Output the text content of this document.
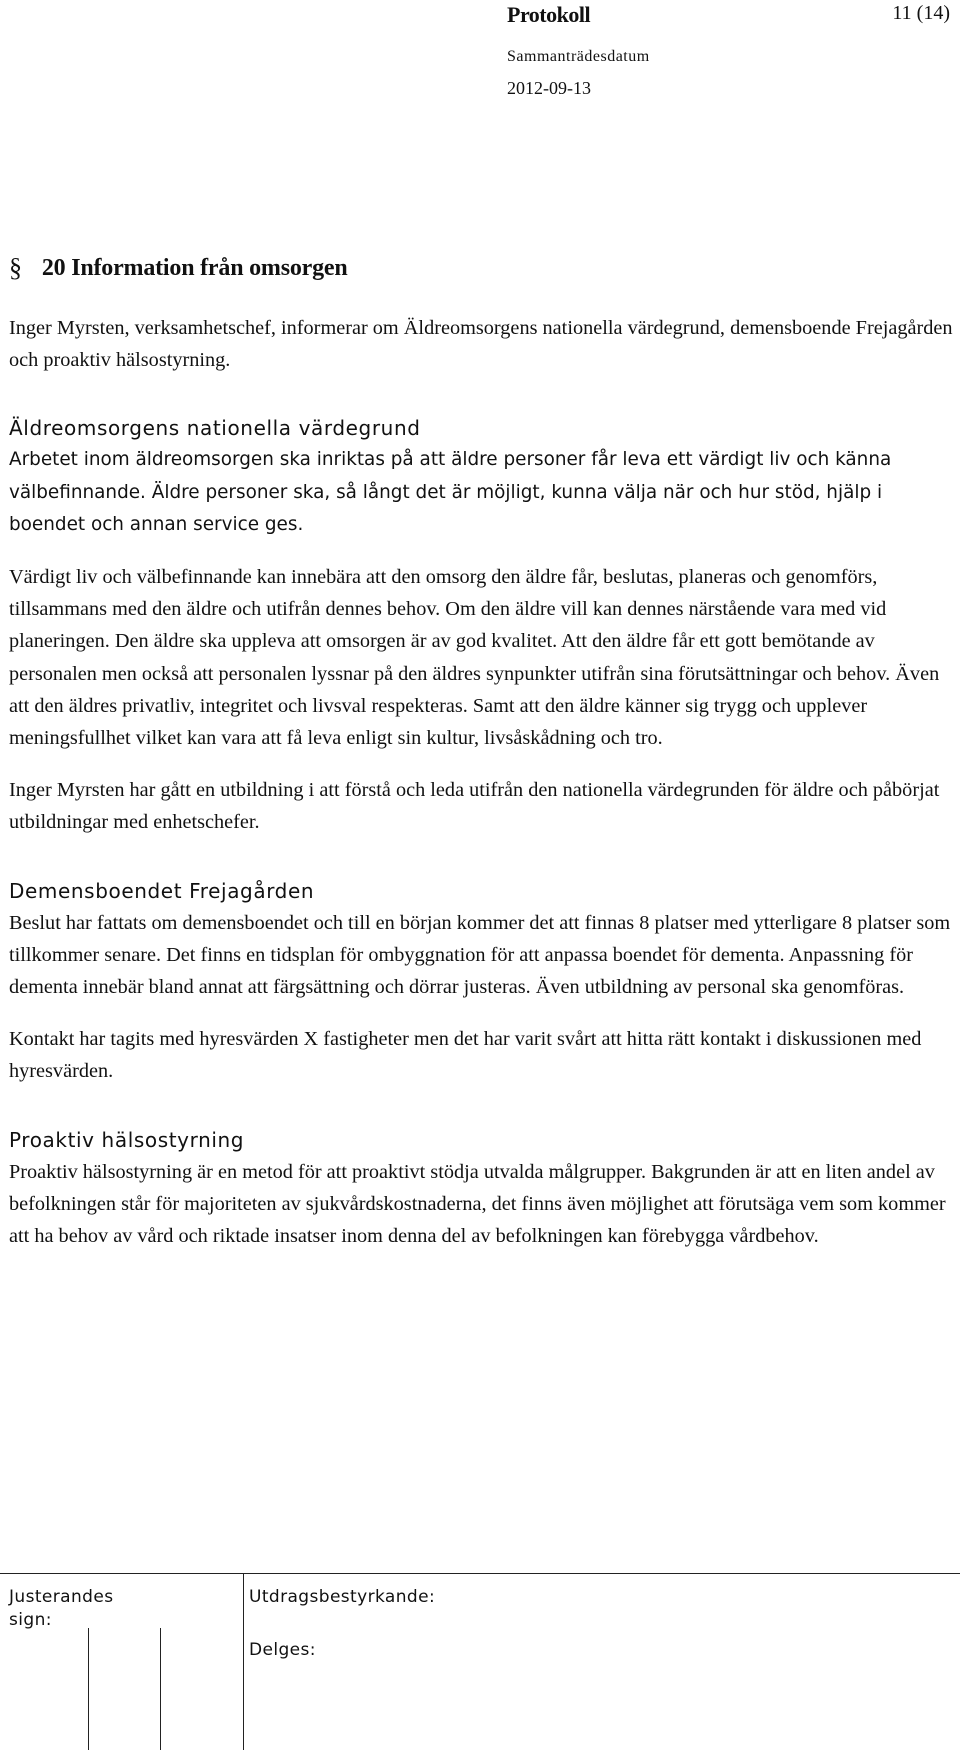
Protokoll	11 (14)
Sammanträdesdatum
2012-09-13
§ 20 Information från omsorgen

Inger Myrsten, verksamhetschef, informerar om Äldreomsorgens nationella värdegrund, demensboende Frejagården och proaktiv hälsostyrning.

Äldreomsorgens nationella värdegrund

Arbetet inom äldreomsorgen ska inriktas på att äldre personer får leva ett värdigt liv och känna välbefinnande. Äldre personer ska, så långt det är möjligt, kunna välja när och hur stöd, hjälp i boendet och annan service ges.

Värdigt liv och välbefinnande kan innebära att den omsorg den äldre får, beslutas, planeras och genomförs, tillsammans med den äldre och utifrån dennes behov. Om den äldre vill kan dennes närstående vara med vid planeringen. Den äldre ska uppleva att omsorgen är av god kvalitet. Att den äldre får ett gott bemötande av personalen men också att personalen lyssnar på den äldres synpunkter utifrån sina förutsättningar och behov. Även att den äldres privatliv, integritet och livsval respekteras. Samt att den äldre känner sig trygg och upplever meningsfullhet vilket kan vara att få leva enligt sin kultur, livsåskådning och tro.

Inger Myrsten har gått en utbildning i att förstå och leda utifrån den nationella värdegrunden för äldre och påbörjat utbildningar med enhetschefer.

Demensboendet Frejagården

Beslut har fattats om demensboendet och till en början kommer det att finnas 8 platser med ytterligare 8 platser som tillkommer senare. Det finns en tidsplan för ombyggnation för att anpassa boendet för dementa. Anpassning för dementa innebär bland annat att färgsättning och dörrar justeras. Även utbildning av personal ska genomföras.

Kontakt har tagits med hyresvärden X fastigheter men det har varit svårt att hitta rätt kontakt i diskussionen med hyresvärden.

Proaktiv hälsostyrning

Proaktiv hälsostyrning är en metod för att proaktivt stödja utvalda målgrupper. Bakgrunden är att en liten andel av befolkningen står för majoriteten av sjukvårdskostnaderna, det finns även möjlighet att förutsäga vem som kommer att ha behov av vård och riktade insatser inom denna del av befolkningen kan förebygga vårdbehov.

Justerandes
sign:
Utdragsbestyrkande:
Delges:
